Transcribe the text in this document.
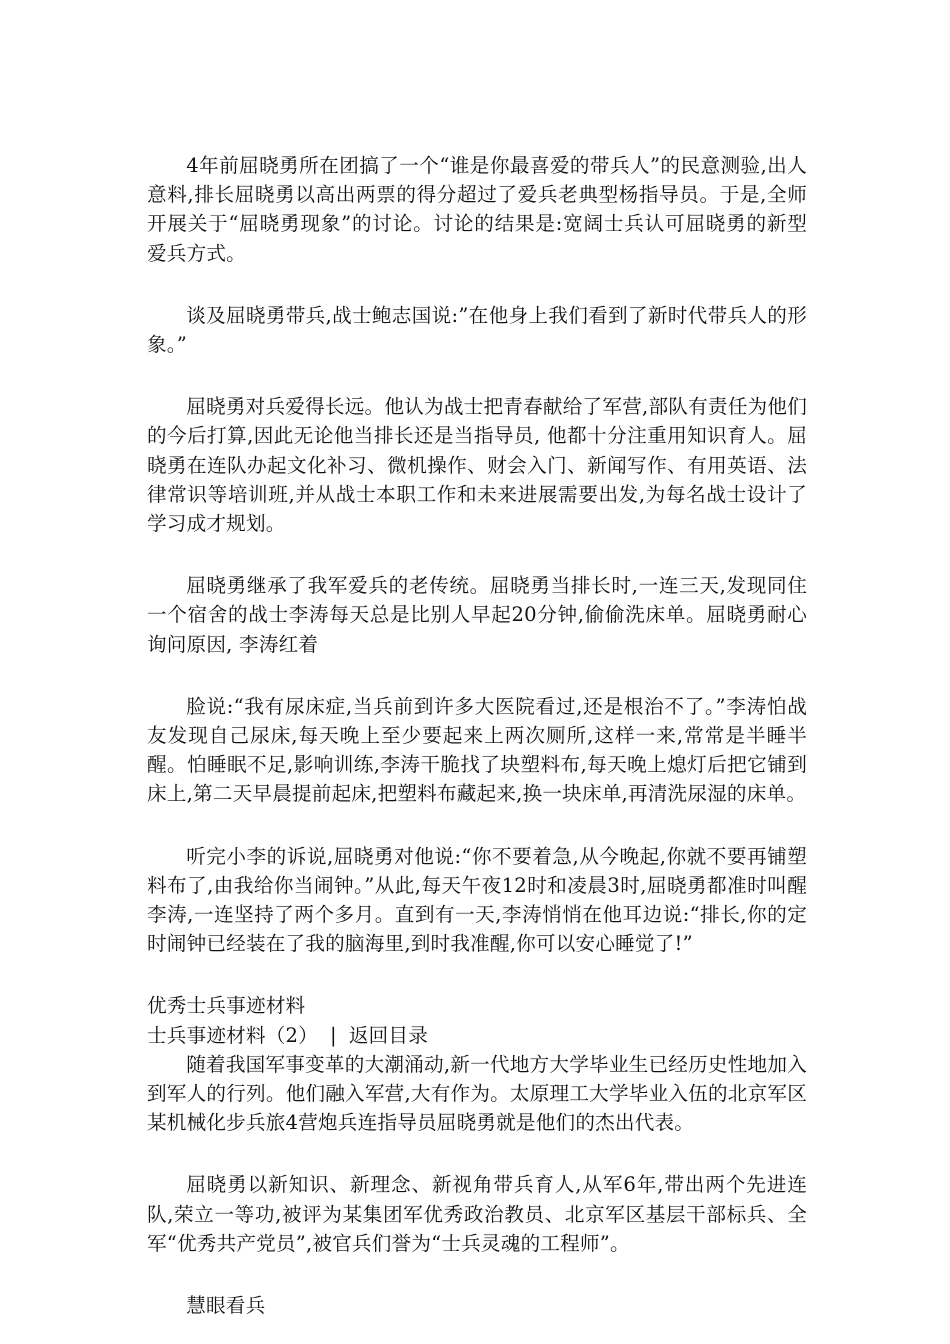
4年前屈晓勇所在团搞了一个“谁是你最喜爱的带兵人”的民意测验,出人意料,排长屈晓勇以高出两票的得分超过了爱兵老典型杨指导员。于是,全师开展关于“屈晓勇现象”的讨论。讨论的结果是:宽阔士兵认可屈晓勇的新型爱兵方式。

谈及屈晓勇带兵,战士鲍志国说:”在他身上我们看到了新时代带兵人的形象。”

屈晓勇对兵爱得长远。他认为战士把青春献给了军营,部队有责任为他们的今后打算,因此无论他当排长还是当指导员, 他都十分注重用知识育人。屈晓勇在连队办起文化补习、微机操作、财会入门、新闻写作、有用英语、法律常识等培训班,并从战士本职工作和未来进展需要出发,为每名战士设计了学习成才规划。

屈晓勇继承了我军爱兵的老传统。屈晓勇当排长时,一连三天,发现同住一个宿舍的战士李涛每天总是比别人早起20分钟,偷偷洗床单。屈晓勇耐心询问原因, 李涛红着

脸说:“我有尿床症,当兵前到许多大医院看过,还是根治不了。”李涛怕战友发现自己尿床,每天晚上至少要起来上两次厕所,这样一来,常常是半睡半醒。怕睡眠不足,影响训练,李涛干脆找了块塑料布,每天晚上熄灯后把它铺到床上,第二天早晨提前起床,把塑料布藏起来,换一块床单,再清洗尿湿的床单。

听完小李的诉说,屈晓勇对他说:“你不要着急,从今晚起,你就不要再铺塑料布了,由我给你当闹钟。”从此,每天午夜12时和凌晨3时,屈晓勇都准时叫醒李涛,一连坚持了两个多月。直到有一天,李涛悄悄在他耳边说:“排长,你的定时闹钟已经装在了我的脑海里,到时我准醒,你可以安心睡觉了!”

优秀士兵事迹材料

士兵事迹材料（2） | 返回目录

随着我国军事变革的大潮涌动,新一代地方大学毕业生已经历史性地加入到军人的行列。他们融入军营,大有作为。太原理工大学毕业入伍的北京军区某机械化步兵旅4营炮兵连指导员屈晓勇就是他们的杰出代表。

屈晓勇以新知识、新理念、新视角带兵育人,从军6年,带出两个先进连队,荣立一等功,被评为某集团军优秀政治教员、北京军区基层干部标兵、全军“优秀共产党员”,被官兵们誉为“士兵灵魂的工程师”。

慧眼看兵
